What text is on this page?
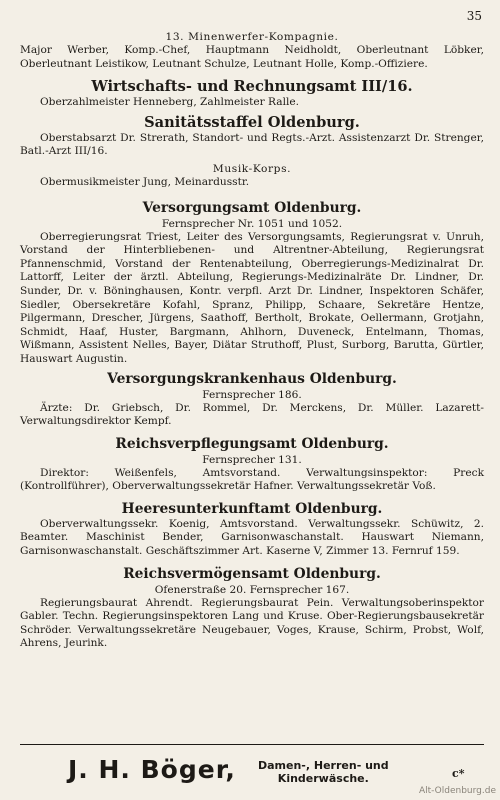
35
13. Minenwerfer-Kompagnie.

Major Werber, Komp.-Chef, Hauptmann Neidholdt, Oberleutnant Löbker, Oberleutnant Leistikow, Leutnant Schulze, Leutnant Holle, Komp.-Offiziere.

Wirtschafts- und Rechnungsamt III/16.

Oberzahlmeister Henneberg, Zahlmeister Ralle.

Sanitätsstaffel Oldenburg.

Oberstabsarzt Dr. Strerath, Standort- und Regts.-Arzt. Assistenzarzt Dr. Strenger, Batl.-Arzt III/16.

Musik-Korps.

Obermusikmeister Jung, Meinardusstr.

Versorgungsamt Oldenburg.

Fernsprecher Nr. 1051 und 1052.

Oberregierungsrat Triest, Leiter des Versorgungsamts, Regierungsrat v. Unruh, Vorstand der Hinterbliebenen- und Altrentner-Abteilung, Regierungsrat Pfannenschmid, Vorstand der Rentenabteilung, Oberregierungs-Medizinalrat Dr. Lattorff, Leiter der ärztl. Abteilung, Regierungs-Medizinalräte Dr. Lindner, Dr. Sunder, Dr. v. Böninghausen, Kontr. verpfl. Arzt Dr. Lindner, Inspektoren Schäfer, Siedler, Obersekretäre Kofahl, Spranz, Philipp, Schaare, Sekretäre Hentze, Pilgermann, Drescher, Jürgens, Saathoff, Bertholt, Brokate, Oellermann, Grotjahn, Schmidt, Haaf, Huster, Bargmann, Ahlhorn, Duveneck, Entelmann, Thomas, Wißmann, Assistent Nelles, Bayer, Diätar Struthoff, Plust, Surborg, Barutta, Gürtler, Hauswart Augustin.

Versorgungskrankenhaus Oldenburg.

Fernsprecher 186.

Ärzte: Dr. Griebsch, Dr. Rommel, Dr. Merckens, Dr. Müller. Lazarett-Verwaltungsdirektor Kempf.

Reichsverpflegungsamt Oldenburg.

Fernsprecher 131.

Direktor: Weißenfels, Amtsvorstand. Verwaltungsinspektor: Preck (Kontrollführer), Oberverwaltungssekretär Hafner. Verwaltungssekretär Voß.

Heeresunterkunftamt Oldenburg.

Oberverwaltungssekr. Koenig, Amtsvorstand. Verwaltungssekr. Schüwitz, 2. Beamter. Maschinist Bender, Garnisonwaschanstalt. Hauswart Niemann, Garnisonwaschanstalt. Geschäftszimmer Art. Kaserne V, Zimmer 13. Fernruf 159.

Reichsvermögensamt Oldenburg.

Ofenerstraße 20. Fernsprecher 167.

Regierungsbaurat Ahrendt. Regierungsbaurat Pein. Verwaltungsoberinspektor Gabler. Techn. Regierungsinspektoren Lang und Kruse. Ober-Regierungsbausekretär Schröder. Verwaltungssekretäre Neugebauer, Voges, Krause, Schirm, Probst, Wolf, Ahrens, Jeurink.

J. H. Böger, Damen-, Herren- und
Kinderwäsche.	c*
Alt-Oldenburg.de
